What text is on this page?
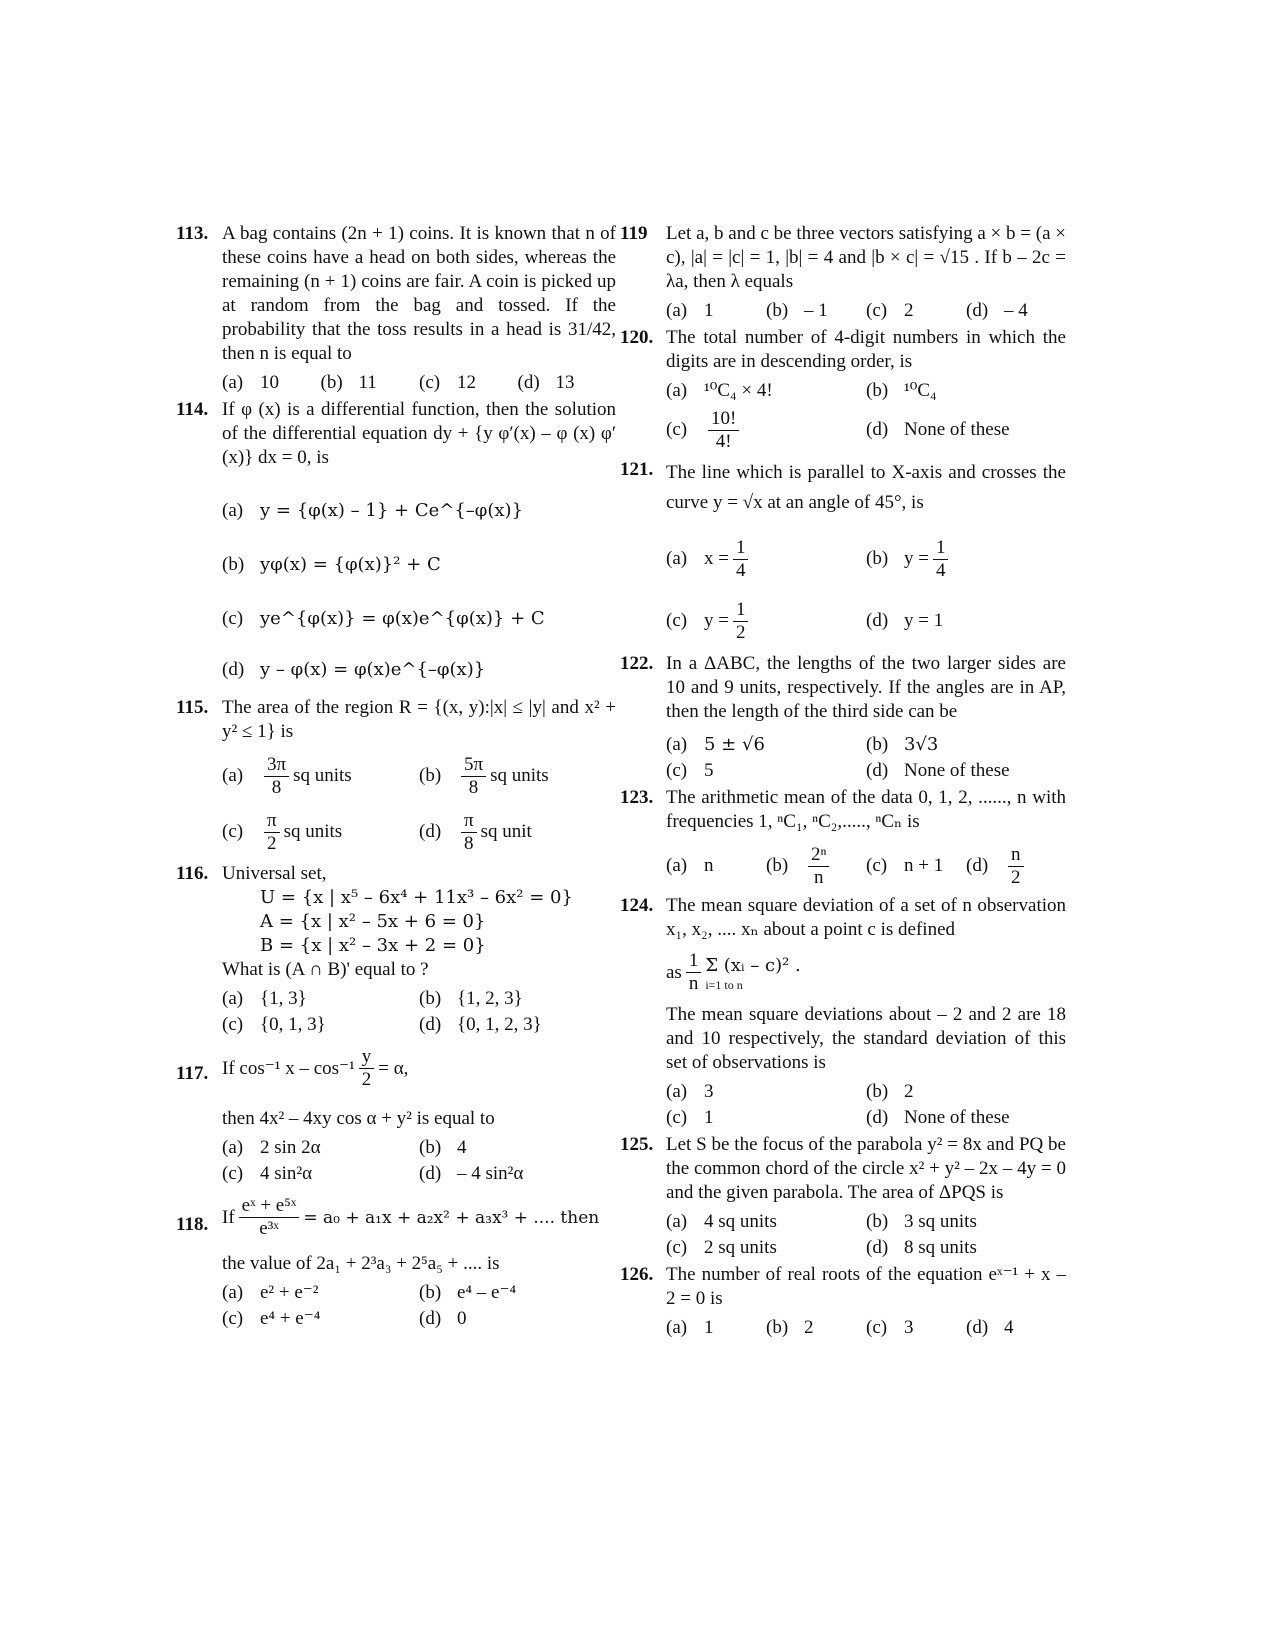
113. A bag contains (2n + 1) coins. It is known that n of these coins have a head on both sides, whereas the remaining (n + 1) coins are fair. A coin is picked up at random from the bag and tossed. If the probability that the toss results in a head is 31/42, then n is equal to
(a) 10 (b) 11 (c) 12 (d) 13
114. If φ (x) is a differential function, then the solution of the differential equation dy + {y φ′(x) – φ (x) φ′(x)} dx = 0, is
(a) y = {φ(x) – 1} + Ce^{–φ(x)}
(b) yφ(x) = {φ(x)}² + C
(c) ye^{φ(x)} = φ(x)e^{φ(x)} + C
(d) y – φ(x) = φ(x)e^{–φ(x)}
115. The area of the region R = {(x, y):|x| ≤ |y| and x² + y² ≤ 1} is
(a)	$\frac{3\pi}{8}$ sq units	(b)	$\frac{5\pi}{8}$ sq units
(c)	$\frac{\pi}{2}$ sq units	(d)	$\frac{\pi}{8}$ sq unit
116. Universal set,
U = {x | x⁵ – 6x⁴ + 11x³ – 6x² = 0}
A = {x | x² – 5x + 6 = 0}
B = {x | x² – 3x + 2 = 0}
What is (A ∩ B)' equal to ?
(a) {1, 3}	(b) {1, 2, 3}
(c) {0, 1, 3}	(d) {0, 1, 2, 3}
117. If cos⁻¹ $x - \cos^{-1} \frac{y}{2} = \alpha$,
then 4x² – 4xy cos α + y² is equal to
(a) 2 sin 2α	(b) 4
(c) 4 sin²α	(d) – 4 sin²α
118. If $\frac{\text{eˣ + e⁵ˣ}}{\text{e³ˣ}} = a_0 + a_1x + a_2x^2 + a_3x^3$ + .... then
the value of 2a₁ + 2³a₃ + 2⁵a₅ + .... is
(a) e² + e⁻²	(b) e⁴ – e⁻⁴
(c) e⁴ + e⁻⁴	(d) 0
119 Let a, b and c be three vectors satisfying a × b = (a × c), |a| = |c| = 1, |b| = 4 and |b × c| = √15 . If b – 2c = λa, then λ equals
(a) 1	(b) – 1 (c) 2	(d) – 4
120. The total number of 4-digit numbers in which the digits are in descending order, is
(a) ¹⁰C₄ × 4!	(b) ¹⁰C₄
(c)	$\frac{10!}{4!}$	(d) None of these
121. The line which is parallel to X-axis and crosses the curve y = √x at an angle of 45°, is
(a) $x = \frac{1}{4}$	(b) $y = \frac{1}{4}$
(c) $y = \frac{1}{2}$	(d) y = 1
122. In a ΔABC, the lengths of the two larger sides are 10 and 9 units, respectively. If the angles are in AP, then the length of the third side can be
(a) 5 ± √6	(b) 3√3
(c) 5	(d) None of these
123. The arithmetic mean of the data 0, 1, 2, ......, n with frequencies 1, ⁿC₁, ⁿC₂,....., ⁿCₙ is
(a) n	(b)	$\frac{\text{2ⁿ}}{n} (c) n + 1$ (d)	$\frac{n}{2}$
124. The mean square deviation of a set of n observation x₁, x₂, .... xₙ about a point c is defined
as $\frac{1}{n}$ Σ (xᵢ – c)² .
i=1 to n
The mean square deviations about – 2 and 2 are 18 and 10 respectively, the standard deviation of this set of observations is
(a) 3	(b) 2
(c) 1	(d) None of these
125. Let S be the focus of the parabola y² = 8x and PQ be the common chord of the circle x² + y² – 2x – 4y = 0 and the given parabola. The area of ΔPQS is
(a) 4 sq units	(b) 3 sq units
(c) 2 sq units	(d) 8 sq units
126. The number of real roots of the equation eˣ⁻¹ + x – 2 = 0 is
(a) 1	(b) 2	(c) 3	(d) 4
